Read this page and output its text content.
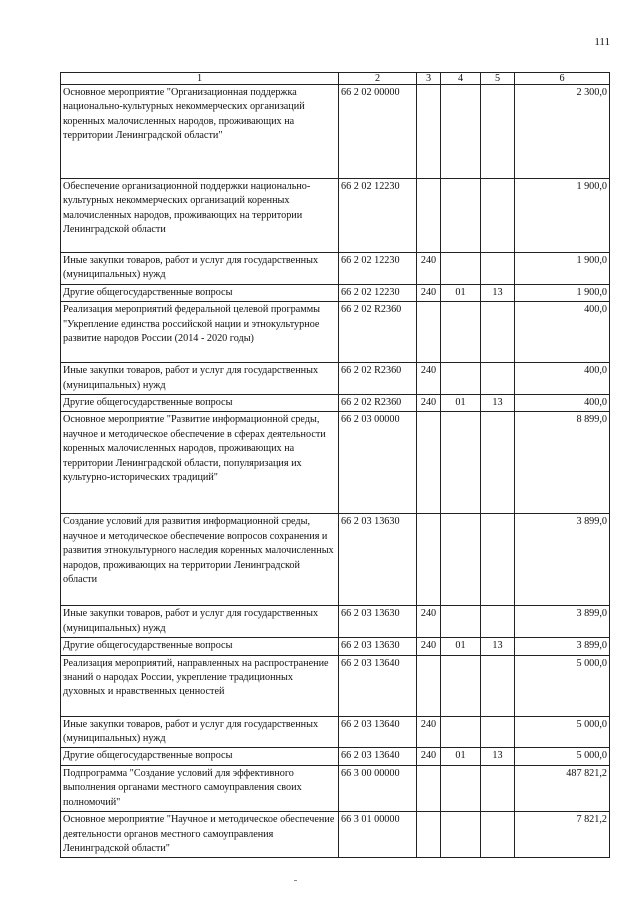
111
1	2	3	4	5	6
Основное мероприятие "Организационная поддержка национально-культурных некоммерческих организаций коренных малочисленных народов, проживающих на территории Ленинградской области"	66 2 02 00000				2 300,0
Обеспечение организационной поддержки национально-культурных некоммерческих организаций коренных малочисленных народов, проживающих на территории Ленинградской области	66 2 02 12230				1 900,0
Иные закупки товаров, работ и услуг для государственных (муниципальных) нужд	66 2 02 12230	240			1 900,0
Другие общегосударственные вопросы	66 2 02 12230	240	01	13	1 900,0
Реализация мероприятий федеральной целевой программы "Укрепление единства российской нации и этнокультурное развитие народов России (2014 - 2020 годы)	66 2 02 R2360				400,0
Иные закупки товаров, работ и услуг для государственных (муниципальных) нужд	66 2 02 R2360	240			400,0
Другие общегосударственные вопросы	66 2 02 R2360	240	01	13	400,0
Основное мероприятие "Развитие информационной среды, научное и методическое обеспечение в сферах деятельности коренных малочисленных народов, проживающих на территории Ленинградской области, популяризация их культурно-исторических традиций"	66 2 03 00000				8 899,0
Создание условий для развития информационной среды, научное и методическое обеспечение вопросов сохранения и развития этнокультурного наследия коренных малочисленных народов, проживающих на территории Ленинградской области	66 2 03 13630				3 899,0
Иные закупки товаров, работ и услуг для государственных (муниципальных) нужд	66 2 03 13630	240			3 899,0
Другие общегосударственные вопросы	66 2 03 13630	240	01	13	3 899,0
Реализация мероприятий, направленных на распространение знаний о народах России, укрепление традиционных духовных и нравственных ценностей	66 2 03 13640				5 000,0
Иные закупки товаров, работ и услуг для государственных (муниципальных) нужд	66 2 03 13640	240			5 000,0
Другие общегосударственные вопросы	66 2 03 13640	240	01	13	5 000,0
Подпрограмма "Создание условий для эффективного выполнения органами местного самоуправления своих полномочий"	66 3 00 00000				487 821,2
Основное мероприятие "Научное и методическое обеспечение деятельности органов местного самоуправления Ленинградской области"	66 3 01 00000				7 821,2
